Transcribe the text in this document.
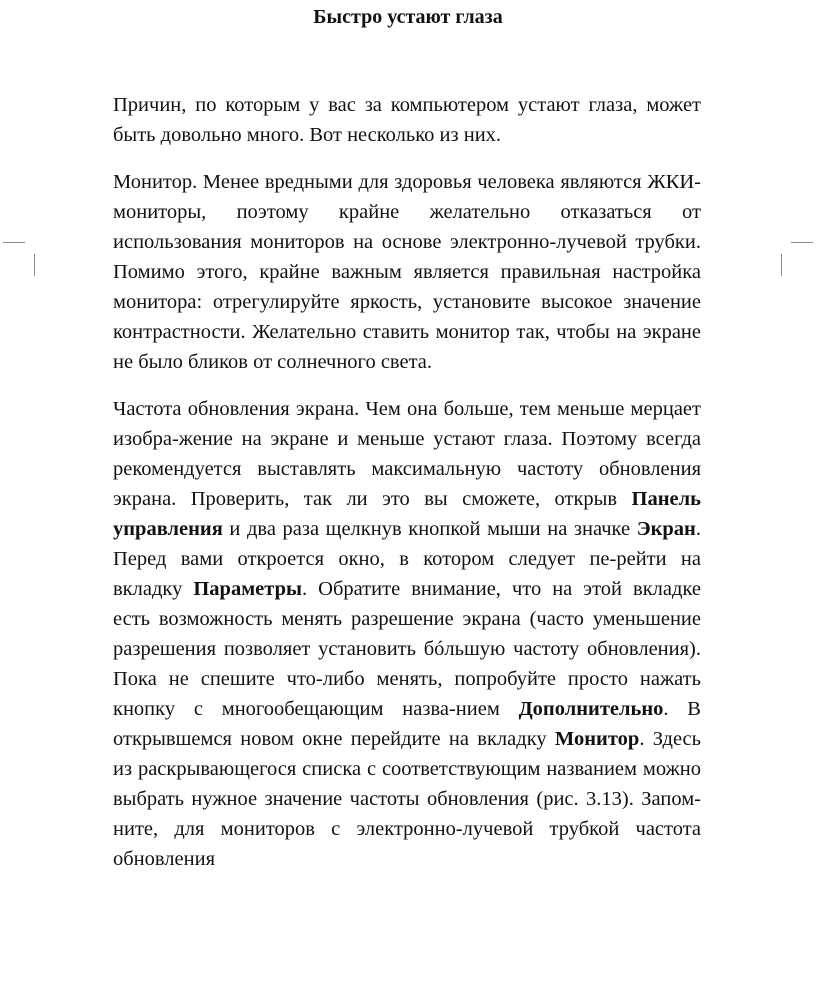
Быстро устают глаза

Причин, по которым у вас за компьютером устают глаза, может быть довольно много. Вот несколько из них.

Монитор. Менее вредными для здоровья человека являются ЖКИ-мониторы, поэтому крайне желательно отказаться от использования мониторов на основе электронно-лучевой трубки. Помимо этого, крайне важным является правильная настройка монитора: отрегулируйте яркость, установите высокое значение контрастности. Желательно ставить монитор так, чтобы на экране не было бликов от солнечного света.

Частота обновления экрана. Чем она больше, тем меньше мерцает изобра-жение на экране и меньше устают глаза. Поэтому всегда рекомендуется выставлять максимальную частоту обновления экрана. Проверить, так ли это вы сможете, открыв Панель управления и два раза щелкнув кнопкой мыши на значке Экран. Перед вами откроется окно, в котором следует пе-рейти на вкладку Параметры. Обратите внимание, что на этой вкладке есть возможность менять разрешение экрана (часто уменьшение разрешения позволяет установить бóльшую частоту обновления). Пока не спешите что-либо менять, попробуйте просто нажать кнопку с многообещающим назва-нием Дополнительно. В открывшемся новом окне перейдите на вкладку Монитор. Здесь из раскрывающегося списка с соответствующим названием можно выбрать нужное значение частоты обновления (рис. 3.13). Запом-ните, для мониторов с электронно-лучевой трубкой частота обновления
